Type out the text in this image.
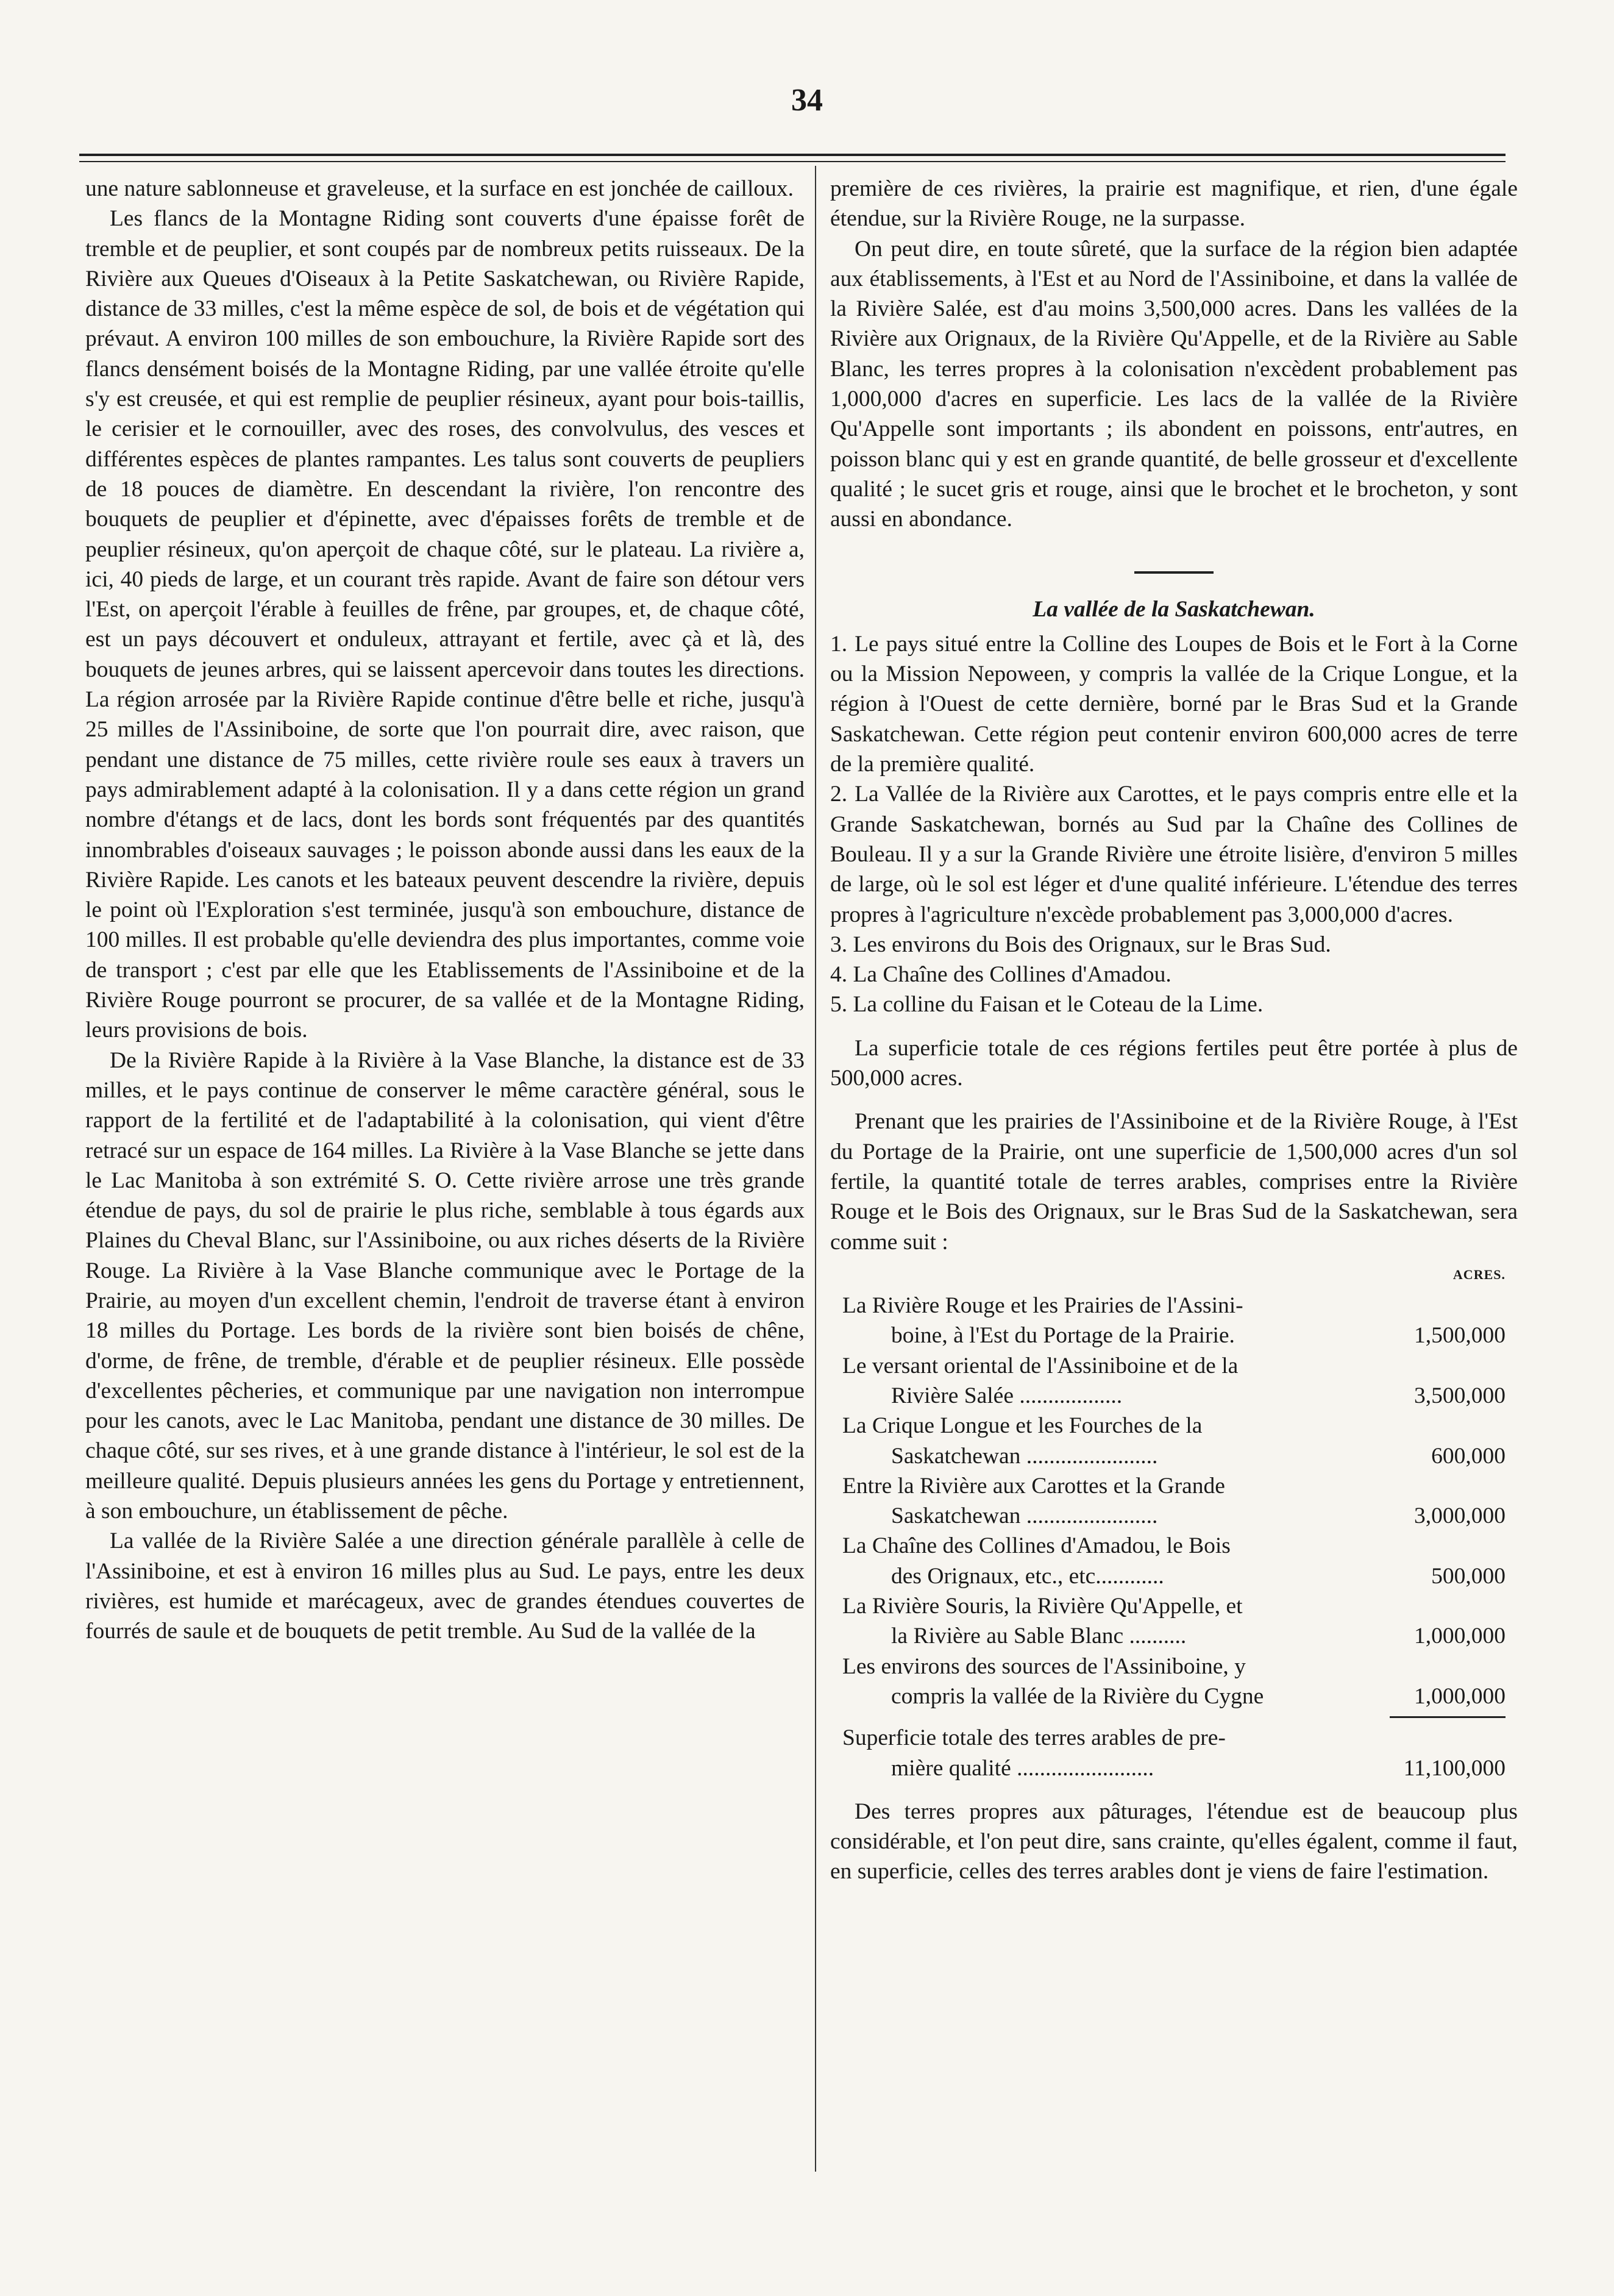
34

une nature sablonneuse et graveleuse, et la surface en est jonchée de cailloux.

Les flancs de la Montagne Riding sont couverts d'une épaisse forêt de tremble et de peuplier, et sont coupés par de nombreux petits ruisseaux. De la Rivière aux Queues d'Oiseaux à la Petite Saskatchewan, ou Rivière Rapide, distance de 33 milles, c'est la même espèce de sol, de bois et de végétation qui prévaut. A environ 100 milles de son embouchure, la Rivière Rapide sort des flancs densément boisés de la Montagne Riding, par une vallée étroite qu'elle s'y est creusée, et qui est remplie de peuplier résineux, ayant pour bois-taillis, le cerisier et le cornouiller, avec des roses, des convolvulus, des vesces et différentes espèces de plantes rampantes. Les talus sont couverts de peupliers de 18 pouces de diamètre. En descendant la rivière, l'on rencontre des bouquets de peuplier et d'épinette, avec d'épaisses forêts de tremble et de peuplier résineux, qu'on aperçoit de chaque côté, sur le plateau. La rivière a, ici, 40 pieds de large, et un courant très rapide. Avant de faire son détour vers l'Est, on aperçoit l'érable à feuilles de frêne, par groupes, et, de chaque côté, est un pays découvert et onduleux, attrayant et fertile, avec çà et là, des bouquets de jeunes arbres, qui se laissent apercevoir dans toutes les directions. La région arrosée par la Rivière Rapide continue d'être belle et riche, jusqu'à 25 milles de l'Assiniboine, de sorte que l'on pourrait dire, avec raison, que pendant une distance de 75 milles, cette rivière roule ses eaux à travers un pays admirablement adapté à la colonisation. Il y a dans cette région un grand nombre d'étangs et de lacs, dont les bords sont fréquentés par des quantités innombrables d'oiseaux sauvages ; le poisson abonde aussi dans les eaux de la Rivière Rapide. Les canots et les bateaux peuvent descendre la rivière, depuis le point où l'Exploration s'est terminée, jusqu'à son embouchure, distance de 100 milles. Il est probable qu'elle deviendra des plus importantes, comme voie de transport ; c'est par elle que les Etablissements de l'Assiniboine et de la Rivière Rouge pourront se procurer, de sa vallée et de la Montagne Riding, leurs provisions de bois.

De la Rivière Rapide à la Rivière à la Vase Blanche, la distance est de 33 milles, et le pays continue de conserver le même caractère général, sous le rapport de la fertilité et de l'adaptabilité à la colonisation, qui vient d'être retracé sur un espace de 164 milles. La Rivière à la Vase Blanche se jette dans le Lac Manitoba à son extrémité S. O. Cette rivière arrose une très grande étendue de pays, du sol de prairie le plus riche, semblable à tous égards aux Plaines du Cheval Blanc, sur l'Assiniboine, ou aux riches déserts de la Rivière Rouge. La Rivière à la Vase Blanche communique avec le Portage de la Prairie, au moyen d'un excellent chemin, l'endroit de traverse étant à environ 18 milles du Portage. Les bords de la rivière sont bien boisés de chêne, d'orme, de frêne, de tremble, d'érable et de peuplier résineux. Elle possède d'excellentes pêcheries, et communique par une navigation non interrompue pour les canots, avec le Lac Manitoba, pendant une distance de 30 milles. De chaque côté, sur ses rives, et à une grande distance à l'intérieur, le sol est de la meilleure qualité. Depuis plusieurs années les gens du Portage y entretiennent, à son embouchure, un établissement de pêche.

La vallée de la Rivière Salée a une direction générale parallèle à celle de l'Assiniboine, et est à environ 16 milles plus au Sud. Le pays, entre les deux rivières, est humide et marécageux, avec de grandes étendues couvertes de fourrés de saule et de bouquets de petit tremble. Au Sud de la vallée de la

première de ces rivières, la prairie est magnifique, et rien, d'une égale étendue, sur la Rivière Rouge, ne la surpasse.

On peut dire, en toute sûreté, que la surface de la région bien adaptée aux établissements, à l'Est et au Nord de l'Assiniboine, et dans la vallée de la Rivière Salée, est d'au moins 3,500,000 acres. Dans les vallées de la Rivière aux Orignaux, de la Rivière Qu'Appelle, et de la Rivière au Sable Blanc, les terres propres à la colonisation n'excèdent probablement pas 1,000,000 d'acres en superficie. Les lacs de la vallée de la Rivière Qu'Appelle sont importants ; ils abondent en poissons, entr'autres, en poisson blanc qui y est en grande quantité, de belle grosseur et d'excellente qualité ; le sucet gris et rouge, ainsi que le brochet et le brocheton, y sont aussi en abondance.

La vallée de la Saskatchewan.

1. Le pays situé entre la Colline des Loupes de Bois et le Fort à la Corne ou la Mission Nepoween, y compris la vallée de la Crique Longue, et la région à l'Ouest de cette dernière, borné par le Bras Sud et la Grande Saskatchewan. Cette région peut contenir environ 600,000 acres de terre de la première qualité.

2. La Vallée de la Rivière aux Carottes, et le pays compris entre elle et la Grande Saskatchewan, bornés au Sud par la Chaîne des Collines de Bouleau. Il y a sur la Grande Rivière une étroite lisière, d'environ 5 milles de large, où le sol est léger et d'une qualité inférieure. L'étendue des terres propres à l'agriculture n'excède probablement pas 3,000,000 d'acres.

3. Les environs du Bois des Orignaux, sur le Bras Sud.

4. La Chaîne des Collines d'Amadou.

5. La colline du Faisan et le Coteau de la Lime.

La superficie totale de ces régions fertiles peut être portée à plus de 500,000 acres.

Prenant que les prairies de l'Assiniboine et de la Rivière Rouge, à l'Est du Portage de la Prairie, ont une superficie de 1,500,000 acres d'un sol fertile, la quantité totale de terres arables, comprises entre la Rivière Rouge et le Bois des Orignaux, sur le Bras Sud de la Saskatchewan, sera comme suit :

ACRES.
La Rivière Rouge et les Prairies de l'Assini-
boine, à l'Est du Portage de la Prairie.	1,500,000
Le versant oriental de l'Assiniboine et de la
Rivière Salée ..................	3,500,000
La Crique Longue et les Fourches de la
Saskatchewan .......................	600,000
Entre la Rivière aux Carottes et la Grande
Saskatchewan .......................	3,000,000
La Chaîne des Collines d'Amadou, le Bois
des Orignaux, etc., etc............	500,000
La Rivière Souris, la Rivière Qu'Appelle, et
la Rivière au Sable Blanc ..........	1,000,000
Les environs des sources de l'Assiniboine, y
compris la vallée de la Rivière du Cygne	1,000,000
Superficie totale des terres arables de pre-
mière qualité ........................	11,100,000

Des terres propres aux pâturages, l'étendue est de beaucoup plus considérable, et l'on peut dire, sans crainte, qu'elles égalent, comme il faut, en superficie, celles des terres arables dont je viens de faire l'estimation.
